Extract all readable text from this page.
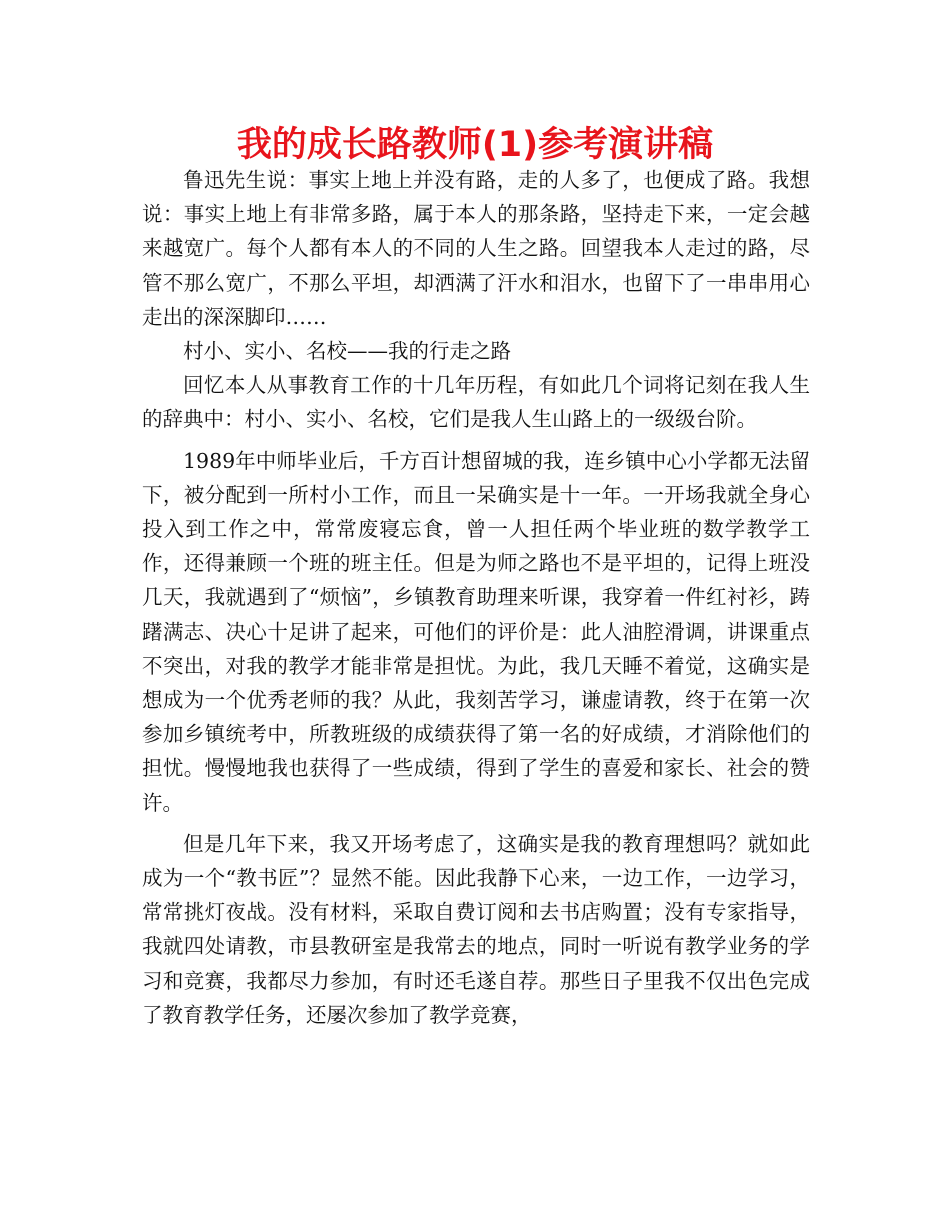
我的成长路教师(1)参考演讲稿

鲁迅先生说：事实上地上并没有路，走的人多了，也便成了路。我想说：事实上地上有非常多路，属于本人的那条路，坚持走下来，一定会越来越宽广。每个人都有本人的不同的人生之路。回望我本人走过的路，尽管不那么宽广，不那么平坦，却洒满了汗水和泪水，也留下了一串串用心走出的深深脚印……

村小、实小、名校——我的行走之路

回忆本人从事教育工作的十几年历程，有如此几个词将记刻在我人生的辞典中：村小、实小、名校，它们是我人生山路上的一级级台阶。

1989年中师毕业后，千方百计想留城的我，连乡镇中心小学都无法留下，被分配到一所村小工作，而且一呆确实是十一年。一开场我就全身心投入到工作之中，常常废寝忘食，曾一人担任两个毕业班的数学教学工作，还得兼顾一个班的班主任。但是为师之路也不是平坦的，记得上班没几天，我就遇到了“烦恼”，乡镇教育助理来听课，我穿着一件红衬衫，踌躇满志、决心十足讲了起来，可他们的评价是：此人油腔滑调，讲课重点不突出，对我的教学才能非常是担忧。为此，我几天睡不着觉，这确实是想成为一个优秀老师的我？从此，我刻苦学习，谦虚请教，终于在第一次参加乡镇统考中，所教班级的成绩获得了第一名的好成绩，才消除他们的担忧。慢慢地我也获得了一些成绩，得到了学生的喜爱和家长、社会的赞许。

但是几年下来，我又开场考虑了，这确实是我的教育理想吗？就如此成为一个“教书匠”？显然不能。因此我静下心来，一边工作，一边学习，常常挑灯夜战。没有材料，采取自费订阅和去书店购置；没有专家指导，我就四处请教，市县教研室是我常去的地点，同时一听说有教学业务的学习和竞赛，我都尽力参加，有时还毛遂自荐。那些日子里我不仅出色完成了教育教学任务，还屡次参加了教学竞赛，
